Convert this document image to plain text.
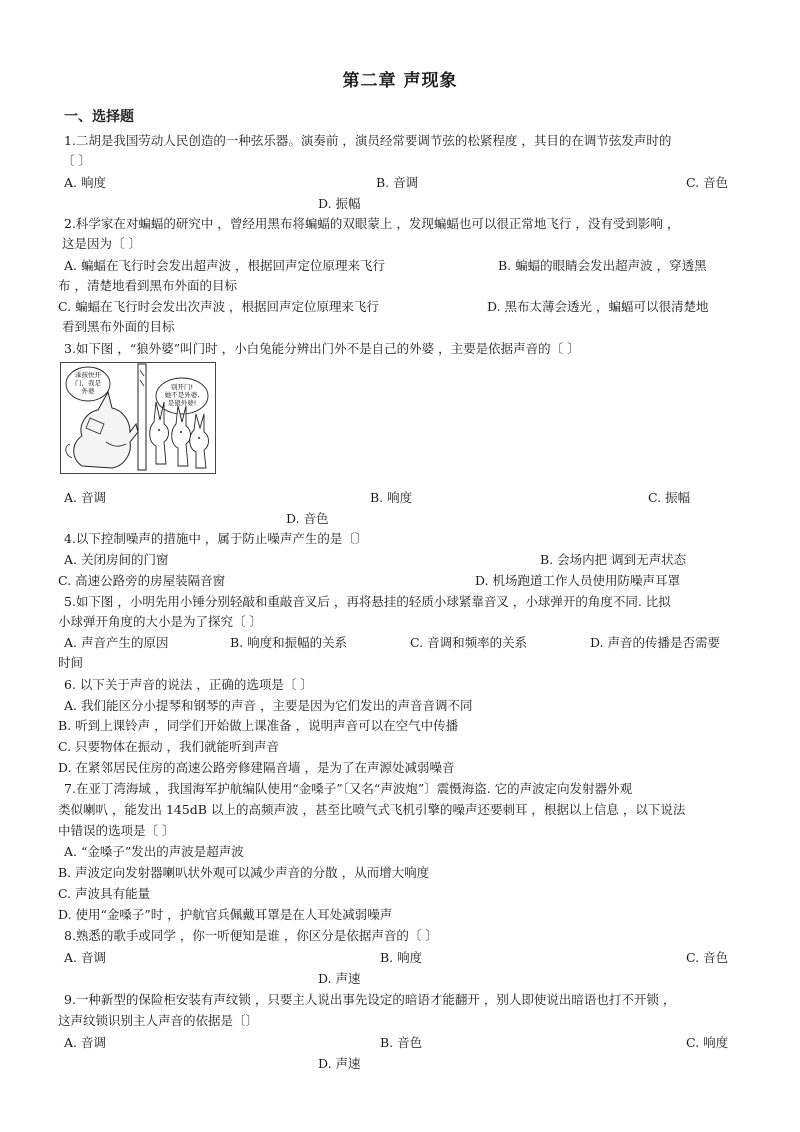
第二章 声现象
一、选择题
1.二胡是我国劳动人民创造的一种弦乐器。演奏前 ，演员经常要调节弦的松紧程度 ，其目的在调节弦发声时的
〔 〕
A. 响度	B. 音调	C. 音色
D. 振幅
2.科学家在对蝙蝠的研究中 ，曾经用黑布将蝙蝠的双眼蒙上 ，发现蝙蝠也可以很正常地飞行 ，没有受到影响 ，
这是因为〔 〕
A. 蝙蝠在飞行时会发出超声波 ，根据回声定位原理来飞行	B. 蝙蝠的眼睛会发出超声波 ，穿透黑
布 ，清楚地看到黑布外面的目标
C. 蝙蝠在飞行时会发出次声波 ，根据回声定位原理来飞行	D. 黑布太薄会透光 ，蝙蝠可以很清楚地
看到黑布外面的目标
3.如下图 ，“狼外婆”叫门时 ，小白兔能分辨出门外不是自己的外婆 ，主要是依据声音的〔 〕
乖孩快开
门，我是
外婆	别开门!
她不是外婆,
是狼外婆!
A. 音调	B. 响度	C. 振幅
D. 音色
4.以下控制噪声的措施中 ，属于防止噪声产生的是〔〕
A. 关闭房间的门窗	B. 会场内把 调到无声状态
C. 高速公路旁的房屋装隔音窗	D. 机场跑道工作人员使用防噪声耳罩
5.如下图 ，小明先用小锤分别轻敲和重敲音叉后 ，再将悬挂的轻质小球紧靠音叉 ，小球弹开的角度不同. 比拟
小球弹开角度的大小是为了探究〔 〕
A. 声音产生的原因	B. 响度和振幅的关系	C. 音调和频率的关系	D. 声音的传播是否需要
时间
6. 以下关于声音的说法 ，正确的选项是〔 〕
A. 我们能区分小提琴和钢琴的声音 ，主要是因为它们发出的声音音调不同
B. 听到上课铃声 ，同学们开始做上课准备 ，说明声音可以在空气中传播
C. 只要物体在振动 ，我们就能听到声音
D. 在紧邻居民住房的高速公路旁修建隔音墙 ，是为了在声源处减弱噪音
7.在亚丁湾海域 ，我国海军护航编队使用“金嗓子”〔又名“声波炮”〕震慑海盗. 它的声波定向发射器外观
类似喇叭 ，能发出 145dB 以上的高频声波 ，甚至比喷气式飞机引擎的噪声还要刺耳 ，根据以上信息 ，以下说法
中错误的选项是〔 〕
A. “金嗓子”发出的声波是超声波
B. 声波定向发射器喇叭状外观可以减少声音的分散 ，从而增大响度
C. 声波具有能量
D. 使用“金嗓子”时 ，护航官兵佩戴耳罩是在人耳处减弱噪声
8.熟悉的歌手或同学 ，你一听便知是谁 ，你区分是依据声音的〔 〕
A. 音调	B. 响度	C. 音色
D. 声速
9.一种新型的保险柜安装有声纹锁 ，只要主人说出事先设定的暗语才能翻开 ，别人即使说出暗语也打不开锁 ，
这声纹锁识别主人声音的依据是〔〕
A. 音调	B. 音色	C. 响度
D. 声速
